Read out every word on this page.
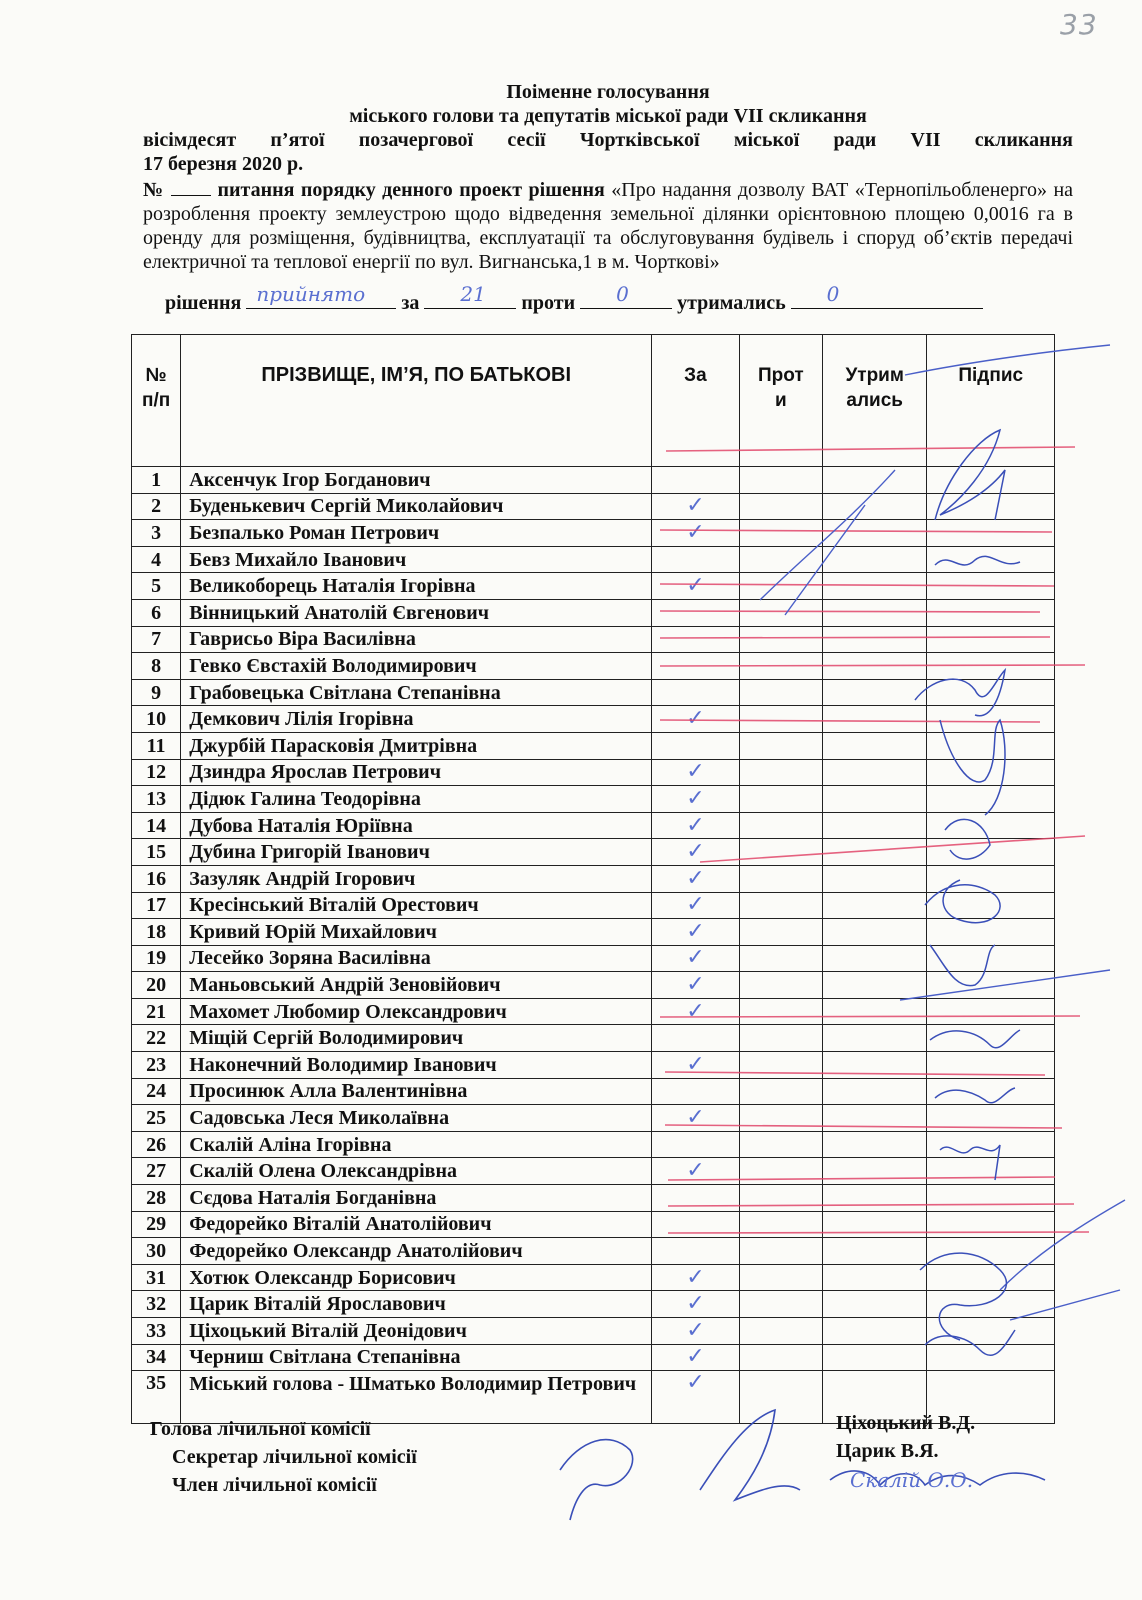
33
Поіменне голосування
міського голови та депутатів міської ради VII скликання
вісімдесят п’ятої позачергової сесії Чортківської міської ради VII скликання
17 березня 2020 р.
№	питання порядку денного проект рішення «Про надання дозволу ВАТ «Тернопільобленерго» на розроблення проекту землеустрою щодо відведення земельної ділянки орієнтовною площею 0,0016 га в оренду для розміщення, будівництва, експлуатації та обслуговування будівель і споруд об’єктів передачі електричної та теплової енергії по вул. Вигнанська,1 в м. Чорткові»
рішення прийнято за 21 проти 0 утримались 0
№ п/п	ПРІЗВИЩЕ, ІМ’Я, ПО БАТЬКОВІ	За	Проти	Утримались	Підпис
1	Аксенчук Ігор Богданович				
2	Буденькевич Сергій Миколайович	✓			
3	Безпалько Роман Петрович	✓			
4	Бевз Михайло Іванович				
5	Великоборець Наталія Ігорівна	✓			
6	Вінницький Анатолій Євгенович				
7	Гаврисьо Віра Василівна				
8	Гевко Євстахій Володимирович				
9	Грабовецька Світлана Степанівна				
10	Демкович Лілія Ігорівна	✓			
11	Джурбій Парасковія Дмитрівна				
12	Дзиндра Ярослав Петрович	✓			
13	Дідюк Галина Теодорівна	✓			
14	Дубова Наталія Юріївна	✓			
15	Дубина Григорій Іванович	✓			
16	Зазуляк Андрій Ігорович	✓			
17	Кресінський Віталій Орестович	✓			
18	Кривий Юрій Михайлович	✓			
19	Лесейко Зоряна Василівна	✓			
20	Маньовський Андрій Зеновійович	✓			
21	Махомет Любомир Олександрович	✓			
22	Міщій Сергій Володимирович				
23	Наконечний Володимир Іванович	✓			
24	Просинюк Алла Валентинівна				
25	Садовська Леся Миколаївна	✓			
26	Скалій Аліна Ігорівна				
27	Скалій Олена Олександрівна	✓			
28	Сєдова Наталія Богданівна				
29	Федорейко Віталій Анатолійович				
30	Федорейко Олександр Анатолійович				
31	Хотюк Олександр Борисович	✓			
32	Царик Віталій Ярославович	✓			
33	Ціхоцький Віталій Деонідович	✓			
34	Черниш Світлана Степанівна	✓			
35	Міський голова - Шматько Володимир Петрович	✓			
Голова лічильної комісії
Секретар лічильної комісії
Член лічильної комісії
Ціхоцький В.Д.
Царик В.Я.
Скалій О.О.
